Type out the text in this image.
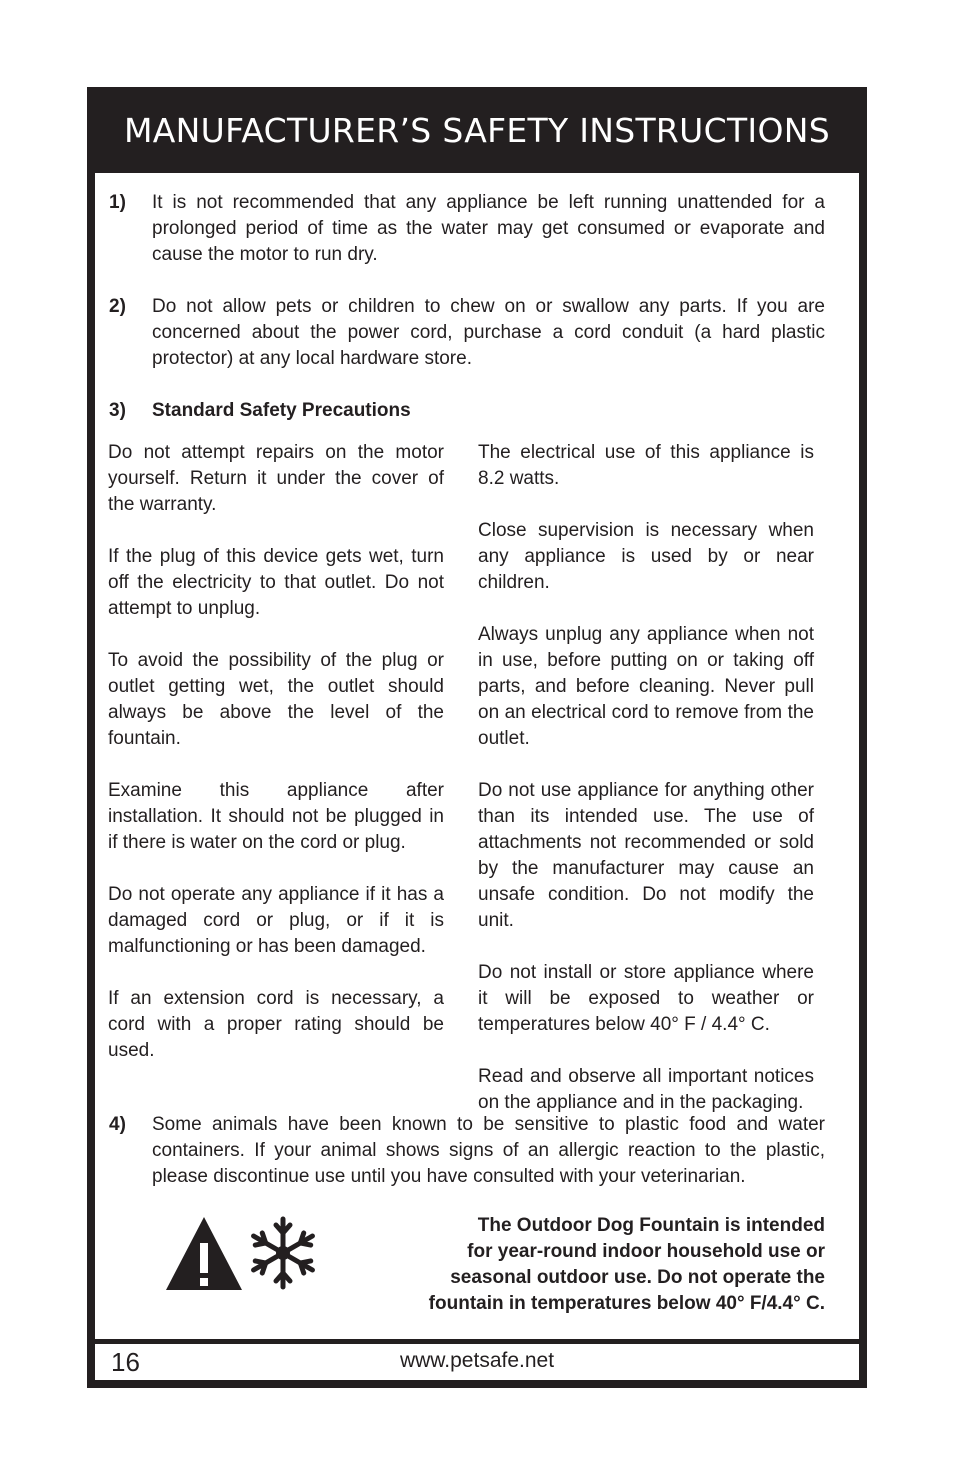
MANUFACTURER’S SAFETY INSTRUCTIONS
1) It is not recommended that any appliance be left running unattended for a prolonged period of time as the water may get consumed or evaporate and cause the motor to run dry.
2) Do not allow pets or children to chew on or swallow any parts. If you are concerned about the power cord, purchase a cord conduit (a hard plastic protector) at any local hardware store.
3) Standard Safety Precautions

Do not attempt repairs on the motor yourself. Return it under the cover of the warranty.

If the plug of this device gets wet, turn off the electricity to that outlet. Do not attempt to unplug.

To avoid the possibility of the plug or outlet getting wet, the outlet should always be above the level of the fountain.

Examine this appliance after installation. It should not be plugged in if there is water on the cord or plug.

Do not operate any appliance if it has a damaged cord or plug, or if it is malfunctioning or has been damaged.

If an extension cord is necessary, a cord with a proper rating should be used.

The electrical use of this appliance is 8.2 watts.

Close supervision is necessary when any appliance is used by or near children.

Always unplug any appliance when not in use, before putting on or taking off parts, and before cleaning. Never pull on an electrical cord to remove from the outlet.

Do not use appliance for anything other than its intended use. The use of attachments not recommended or sold by the manufacturer may cause an unsafe condition. Do not modify the unit.

Do not install or store appliance where it will be exposed to weather or temperatures below 40° F / 4.4° C.

Read and observe all important notices on the appliance and in the packaging.

4) Some animals have been known to be sensitive to plastic food and water containers. If your animal shows signs of an allergic reaction to the plastic, please discontinue use until you have consulted with your veterinarian.
The Outdoor Dog Fountain is intended
for year-round indoor household use or
seasonal outdoor use. Do not operate the
fountain in temperatures below 40° F/4.4° C.
16	www.petsafe.net
